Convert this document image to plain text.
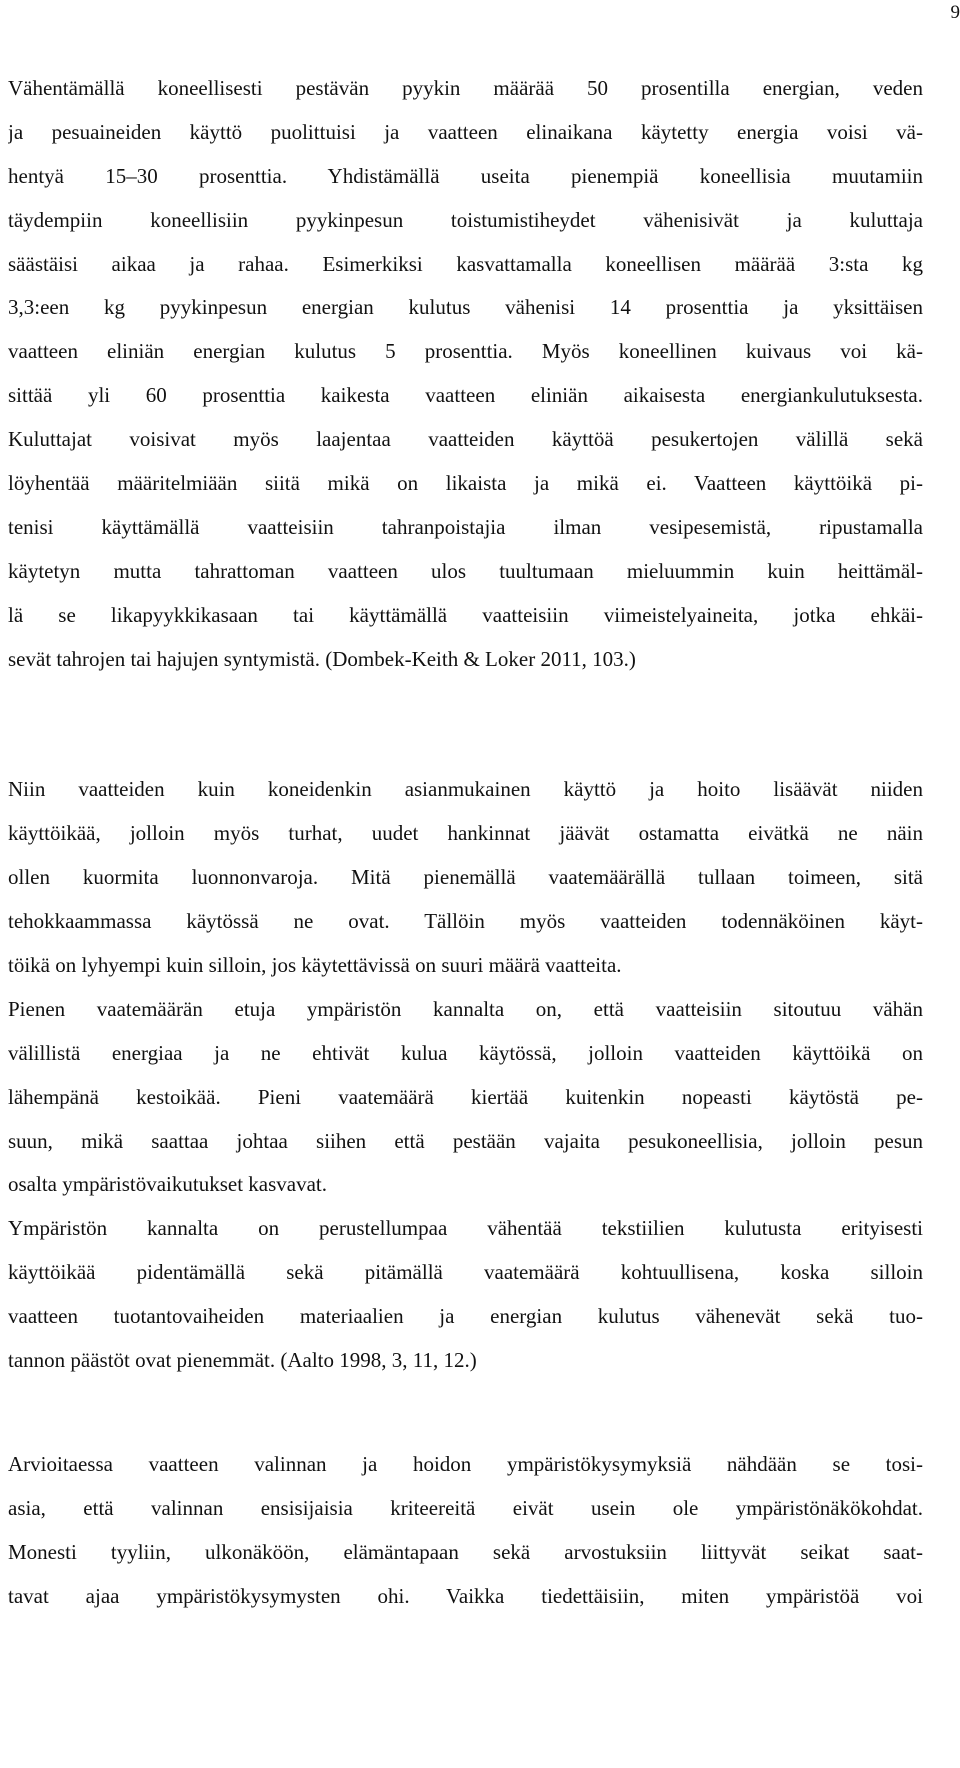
9
Vähentämällä koneellisesti pestävän pyykin määrää 50 prosentilla energian, veden
ja pesuaineiden käyttö puolittuisi ja vaatteen elinaikana käytetty energia voisi vä-
hentyä 15–30 prosenttia. Yhdistämällä useita pienempiä koneellisia muutamiin
täydempiin koneellisiin pyykinpesun toistumistiheydet vähenisivät ja kuluttaja
säästäisi aikaa ja rahaa. Esimerkiksi kasvattamalla koneellisen määrää 3:sta kg
3,3:een kg pyykinpesun energian kulutus vähenisi 14 prosenttia ja yksittäisen
vaatteen eliniän energian kulutus 5 prosenttia. Myös koneellinen kuivaus voi kä-
sittää yli 60 prosenttia kaikesta vaatteen eliniän aikaisesta energiankulutuksesta.
Kuluttajat voisivat myös laajentaa vaatteiden käyttöä pesukertojen välillä sekä
löyhentää määritelmiään siitä mikä on likaista ja mikä ei. Vaatteen käyttöikä pi-
tenisi käyttämällä vaatteisiin tahranpoistajia ilman vesipesemistä, ripustamalla
käytetyn mutta tahrattoman vaatteen ulos tuultumaan mieluummin kuin heittämäl-
lä se likapyykkikasaan tai käyttämällä vaatteisiin viimeistelyaineita, jotka ehkäi-
sevät tahrojen tai hajujen syntymistä. (Dombek-Keith & Loker 2011, 103.)
Niin vaatteiden kuin koneidenkin asianmukainen käyttö ja hoito lisäävät niiden
käyttöikää, jolloin myös turhat, uudet hankinnat jäävät ostamatta eivätkä ne näin
ollen kuormita luonnonvaroja. Mitä pienemällä vaatemäärällä tullaan toimeen, sitä
tehokkaammassa käytössä ne ovat. Tällöin myös vaatteiden todennäköinen käyt-
töikä on lyhyempi kuin silloin, jos käytettävissä on suuri määrä vaatteita.
Pienen vaatemäärän etuja ympäristön kannalta on, että vaatteisiin sitoutuu vähän
välillistä energiaa ja ne ehtivät kulua käytössä, jolloin vaatteiden käyttöikä on
lähempänä kestoikää. Pieni vaatemäärä kiertää kuitenkin nopeasti käytöstä pe-
suun, mikä saattaa johtaa siihen että pestään vajaita pesukoneellisia, jolloin pesun
osalta ympäristövaikutukset kasvavat.
Ympäristön kannalta on perustellumpaa vähentää tekstiilien kulutusta erityisesti
käyttöikää pidentämällä sekä pitämällä vaatemäärä kohtuullisena, koska silloin
vaatteen tuotantovaiheiden materiaalien ja energian kulutus vähenevät sekä tuo-
tannon päästöt ovat pienemmät. (Aalto 1998, 3, 11, 12.)
Arvioitaessa vaatteen valinnan ja hoidon ympäristökysymyksiä nähdään se tosi-
asia, että valinnan ensisijaisia kriteereitä eivät usein ole ympäristönäkökohdat.
Monesti tyyliin, ulkonäköön, elämäntapaan sekä arvostuksiin liittyvät seikat saat-
tavat ajaa ympäristökysymysten ohi. Vaikka tiedettäisiin, miten ympäristöä voi
